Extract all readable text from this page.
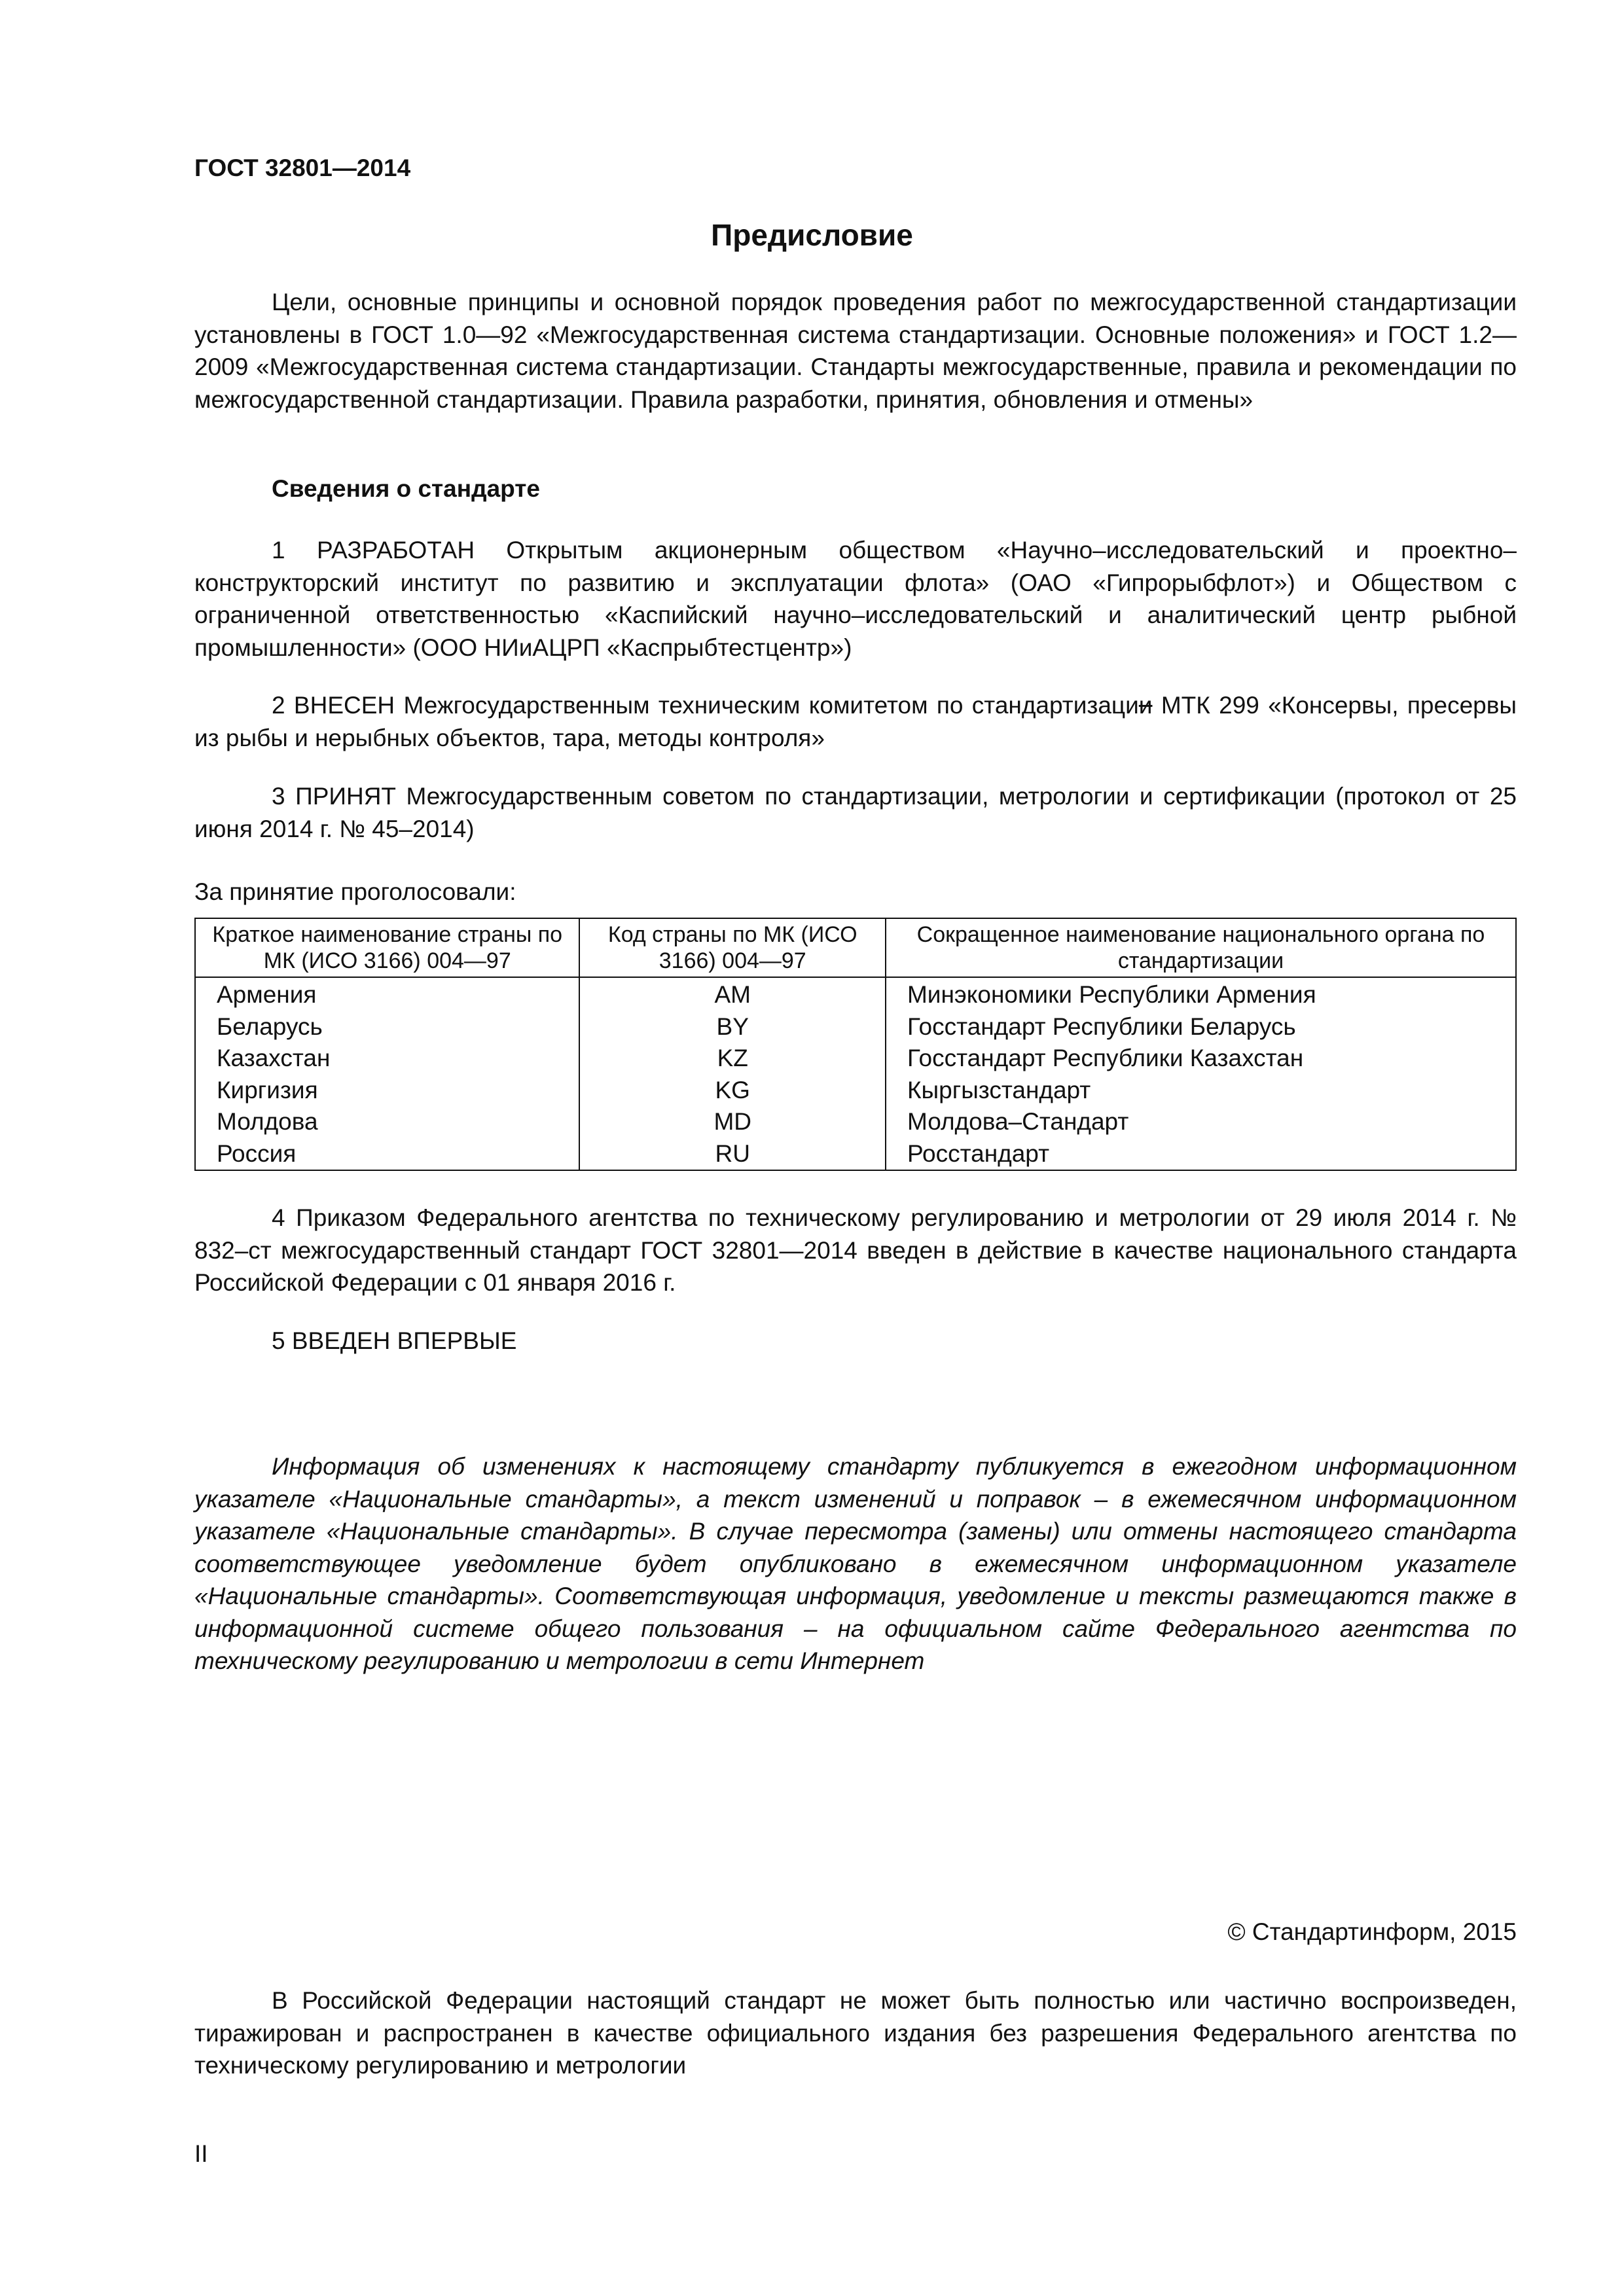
ГОСТ 32801—2014
Предисловие

Цели, основные принципы и основной порядок проведения работ по межгосударственной стандартизации установлены в ГОСТ 1.0—92 «Межгосударственная система стандартизации. Основные положения» и ГОСТ 1.2—2009 «Межгосударственная система стандартизации. Стандарты межгосударственные, правила и рекомендации по межгосударственной стандартизации. Правила разработки, принятия, обновления и отмены»

Сведения о стандарте

1 РАЗРАБОТАН Открытым акционерным обществом «Научно–исследовательский и проектно–конструкторский институт по развитию и эксплуатации флота» (ОАО «Гипрорыбфлот») и Обществом с ограниченной ответственностью «Каспийский научно–исследовательский и аналитический центр рыбной промышленности» (ООО НИиАЦРП «Каспрыбтестцентр»)

2 ВНЕСЕН Межгосударственным техническим комитетом по стандартизации МТК 299 «Консервы, пресервы из рыбы и нерыбных объектов, тара, методы контроля»

3 ПРИНЯТ Межгосударственным советом по стандартизации, метрологии и сертификации (протокол от 25 июня 2014 г. № 45–2014)

За принятие проголосовали:

Краткое наименование страны по МК (ИСО 3166) 004—97	Код страны по МК (ИСО 3166) 004—97	Сокращенное наименование национального органа по стандартизации
Армения	AM	Минэкономики Республики Армения
Беларусь	BY	Госстандарт Республики Беларусь
Казахстан	KZ	Госстандарт Республики Казахстан
Киргизия	KG	Кыргызстандарт
Молдова	MD	Молдова–Стандарт
Россия	RU	Росстандарт

4 Приказом Федерального агентства по техническому регулированию и метрологии от 29 июля 2014 г. № 832–ст межгосударственный стандарт ГОСТ 32801—2014 введен в действие в качестве национального стандарта Российской Федерации с 01 января 2016 г.

5 ВВЕДЕН ВПЕРВЫЕ

Информация об изменениях к настоящему стандарту публикуется в ежегодном информационном указателе «Национальные стандарты», а текст изменений и поправок – в ежемесячном информационном указателе «Национальные стандарты». В случае пересмотра (замены) или отмены настоящего стандарта соответствующее уведомление будет опубликовано в ежемесячном информационном указателе «Национальные стандарты». Соответствующая информация, уведомление и тексты размещаются также в информационной системе общего пользования – на официальном сайте Федерального агентства по техническому регулированию и метрологии в сети Интернет

© Стандартинформ, 2015

В Российской Федерации настоящий стандарт не может быть полностью или частично воспроизведен, тиражирован и распространен в качестве официального издания без разрешения Федерального агентства по техническому регулированию и метрологии

II
